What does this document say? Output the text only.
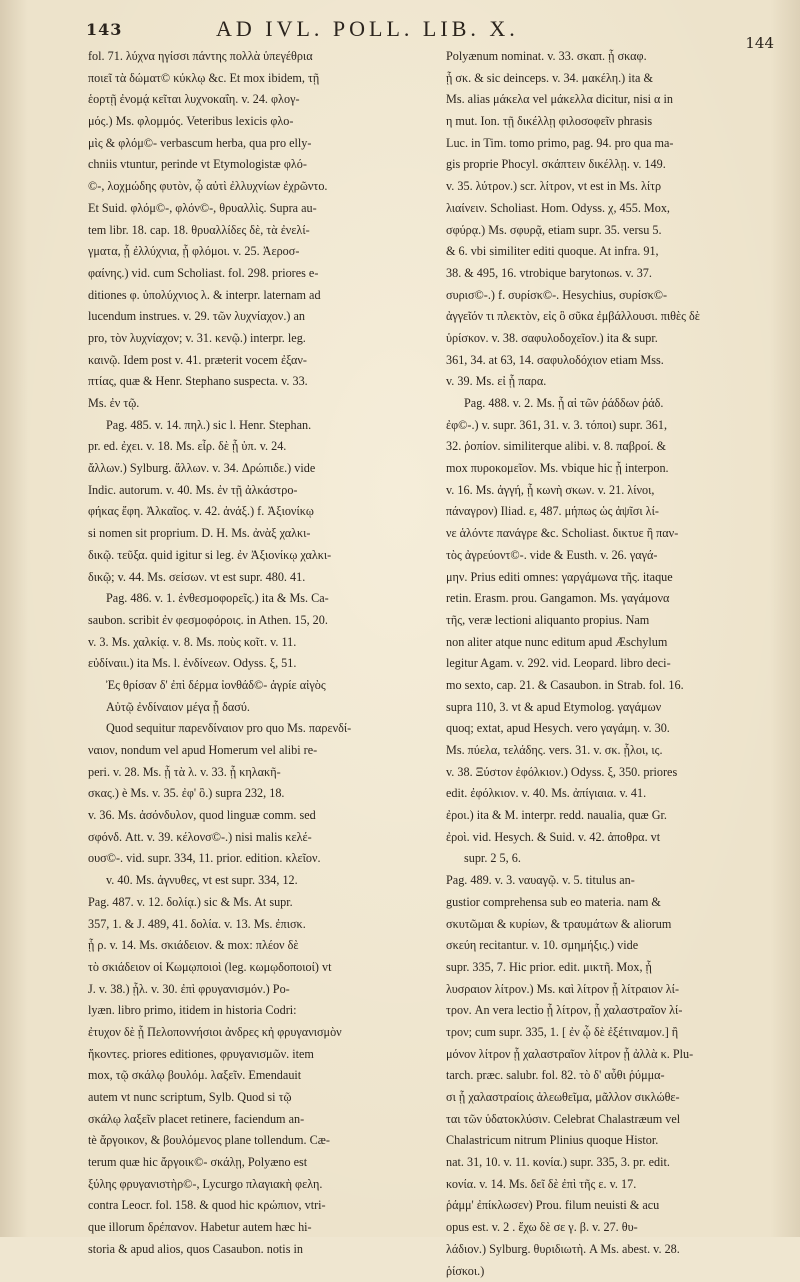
143	AD IVL. POLL. LIB. X.
144
fol. 71. λύχνα ηγίσσι πάντης πολλὰ ὑπεγέθρια
ποιεῖ τὰ δώματ© κύκλῳ &c. Et mox ibidem, τῇ
ἑορτῇ ἐνομᾴ κεῖται λυχνοκαΐη. v. 24. φλογ-
μός.) Ms. φλομμός. Veteribus lexicis φλο-
μὶς & φλόμ©- verbascum herba, qua pro elly-
chniis vtuntur, perinde vt Etymologistæ φλό-
©-, λοχμώδης φυτὸν, ᾧ αὐτὶ ἐλλυχνίων ἐχρῶντο.
Et Suid. φλόμ©-, φλόν©-, θρυαλλὶς. Supra au-
tem libr. 18. cap. 18. θρυαλλίδες δὲ, τὰ ἐνελί-
γματα, ᾗ ἐλλύχνια, ᾗ φλόμοι. v. 25. Ἀεροσ-
φαίνης.) vid. cum Scholiast. fol. 298. priores e-
ditiones φ. ὑπολύχνιος λ. & interpr. laternam ad
lucendum instrues. v. 29. τῶν λυχνίαχον.) an
pro, τὸν λυχνίαχον; v. 31. κενῷ.) interpr. leg.
καινῷ. Idem post v. 41. præterit vocem ἐξαν-
πτίας, quæ & Henr. Stephano suspecta. v. 33.
Ms. ἐν τῷ.
Pag. 485. v. 14. πηλ.) sic l. Henr. Stephan.
pr. ed. ἐχει. v. 18. Ms. εἶρ. δὲ ᾗ ὑπ. v. 24.
ἄλλων.) Sylburg. ἄλλων. v. 34. Δρώπιδε.) vide
Indic. autorum. v. 40. Ms. ἐν τῇ ἀλκάστρο-
φήκας ἔφη. Ἀλκαῖος. v. 42. ἀνάξ.) f. Ἀξιονίκῳ
si nomen sit proprium. D. H. Ms. ἀνὰξ χαλκι-
δικῷ. τεῦξα. quid igitur si leg. ἐν Ἀξιονίκῳ χαλκι-
δικῷ; v. 44. Ms. σείσων. vt est supr. 480. 41.
Pag. 486. v. 1. ἐνθεσμοφορεῖς.) ita & Ms. Ca-
saubon. scribit ἐν φεσμοφόροις. in Athen. 15, 20.
v. 3. Ms. χαλκίᾳ. v. 8. Ms. ποὺς κοῖτ. v. 11.
εὐδίναιι.) ita Ms. l. ἐνδίνεων. Odyss. ξ, 51.
Ἐς θρίσαν δ' ἐπὶ δέρμα ἰονθάδ©- ἀγρίε αἰγὸς
Αὐτῷ ἐνδίναιον μέγα ᾗ δασύ.
Quod sequitur παρενδίναιον pro quo Ms. παρενδί-
ναιον, nondum vel apud Homerum vel alibi re-
peri. v. 28. Ms. ᾗ τὰ λ. v. 33. ᾗ κηλακῆ-
σκας.) è Ms. v. 35. ἐφ' ὃ.) supra 232, 18.
v. 36. Ms. ἀσόνδυλον, quod linguæ comm. sed
σφόνδ. Att. v. 39. κέλονσ©-.) nisi malis κελέ-
ουσ©-. vid. supr. 334, 11. prior. edition. κλεῖον.
v. 40. Ms. ἀγνυθες, vt est supr. 334, 12.
Pag. 487. v. 12. δολίᾳ.) sic & Ms. At supr.
357, 1. & J. 489, 41. δολία. v. 13. Ms. ἐπισκ.
ᾗ ρ. v. 14. Ms. σκιάδειον. & mox: πλέον δὲ
τὸ σκιάδειον οἱ Κωμῳποιοὶ (leg. κωμῳδοποιοί) vt
J. v. 38.) ᾗλ. v. 30. ἐπὶ φρυγανισμόν.) Po-
lyæn. libro primo, itidem in historia Codri:
ἐτυχον δὲ ᾗ Πελοποννήσιοι ἀνδρες κἠ φρυγανισμὸν
ἥκοντες. priores editiones, φρυγανισμῶν. item
mox, τῷ σκάλῳ βουλόμ. λαξεῖν. Emendauit
autem vt nunc scriptum, Sylb. Quod si τῷ
σκάλῳ λαξεῖν placet retinere, faciendum an-
tè ἄργοικον, & βουλόμενος plane tollendum. Cæ-
terum quæ hic ἄργοικ©- σκάλῃ, Polyæno est
ξύλης φρυγανιστὴρ©-, Lycurgo πλαγιακὴ φελη.
contra Leocr. fol. 158. & quod hic κρώπιον, vtri-
que illorum δρέπανον. Habetur autem hæc hi-
storia & apud alios, quos Casaubon. notis in
Polyænum nominat. v. 33. σκαπ. ᾗ σκαφ.
ᾗ σκ. & sic deinceps. v. 34. μακέλη.) ita &
Ms. alias μάκελα vel μάκελλα dicitur, nisi α in
η mut. Ion. τῇ δικέλλῃ φιλοσοφεῖν phrasis
Luc. in Tim. tomo primo, pag. 94. pro qua ma-
gis proprie Phocyl. σκάπτειν δικέλλῃ. v. 149.
v. 35. λύτρον.) scr. λίτρον, vt est in Ms. λίτρ
λιαίνειν. Scholiast. Hom. Odyss. χ, 455. Mox,
σφύρᾳ.) Ms. σφυρᾷ, etiam supr. 35. versu 5.
& 6. vbi similiter editi quoque. At infra. 91,
38. & 495, 16. vtrobique barytonωs. v. 37.
συρισ©-.) f. συρίσκ©-. Hesychius, συρίσκ©-
ἀγγεῖόν τι πλεκτὸν, εἰς ὃ σῦκα ἐμβάλλουσι. πιθὲς δὲ
ὑρίσκον. v. 38. σαφυλοδοχεῖον.) ita & supr.
361, 34. at 63, 14. σαφυλοδόχιον etiam Mss.
v. 39. Ms. εἰ ᾗ παρα.
Pag. 488. v. 2. Ms. ᾗ αἱ τῶν ῥάδδων ῥάδ.
ἐφ©-.) v. supr. 361, 31. v. 3. τόποι) supr. 361,
32. ῥοπίον. similiterque alibi. v. 8. παβροί. &
mox πυροκομεῖον. Ms. vbique hic ᾗ interpon.
v. 16. Ms. ἀγγή, ᾗ κωνὴ σκων. v. 21. λίνοι,
πάναγρον) Iliad. ε, 487. μήπως ὡς ἀψῖσι λί-
νε ἁλόντε πανάγρε &c. Scholiast. δικτυε ἢ παν-
τὸς ἀγρεύοντ©-. vide & Eusth. v. 26. γαγά-
μην. Prius editi omnes: γαργάμωνα τῆς. itaque
retin. Erasm. prou. Gangamon. Ms. γαγάμονα
τῆς, veræ lectioni aliquanto propius. Nam
non aliter atque nunc editum apud Æschylum
legitur Agam. v. 292. vid. Leopard. libro deci-
mo sexto, cap. 21. & Casaubon. in Strab. fol. 16.
supra 110, 3. vt & apud Etymolog. γαγάμων
quoq; extat, apud Hesych. vero γαγάμη. v. 30.
Ms. πύελα, τελάδης. vers. 31. v. σκ. ᾗλοι, ις.
v. 38. Ξύστον ἐφόλκιον.) Odyss. ξ, 350. priores
edit. ἐφόλκιον. v. 40. Ms. ἀπίγιαια. v. 41.
ἐροι.) ita & M. interpr. redd. naualia, quæ Gr.
ἐροὶ. vid. Hesych. & Suid. v. 42. ἀποθρα. vt
supr. 2 5, 6.
Pag. 489. v. 3. ναυαγῷ. v. 5. titulus an-
gustior comprehensa sub eo materia. nam &
σκυτῶμαι & κυρίων, & τραυμάτων & aliorum
σκεύη recitantur. v. 10. σμημήξις.) vide
supr. 335, 7. Hic prior. edit. μικτῆ. Mox, ᾗ
λυσραιον λίτρον.) Ms. καὶ λίτρον ᾗ λίτραιον λί-
τρον. An vera lectio ᾗ λίτρον, ᾗ χαλαστραῖον λί-
τρον; cum supr. 335, 1. [ ἐν ᾧ δὲ ἐξέτιναμον.] ἢ
μόνον λίτρον ᾗ χαλαστραῖον λίτρον ᾗ ἀλλὰ κ. Plu-
tarch. præc. salubr. fol. 82. τὸ δ' αὖθι ῥύμμα-
σι ᾗ χαλαστραίοις ἀλεωθεῖμα, μᾶλλον σικλώθε-
ται τῶν ὑδατοκλύσιν. Celebrat Chalastræum vel
Chalastricum nitrum Plinius quoque Histor.
nat. 31, 10. v. 11. κονία.) supr. 335, 3. pr. edit.
κονία. v. 14. Ms. δεῖ δὲ ἐπὶ τῆς ε. v. 17.
ῥάμμ' ἐπίκλωσεν) Prou. filum neuisti & acu
opus est. v. 2 . ἔχω δὲ σε γ. β. v. 27. θυ-
λάδιον.) Sylburg. θυριδιωτὴ. A Ms. abest. v. 28.
ῥίσκοι.)
